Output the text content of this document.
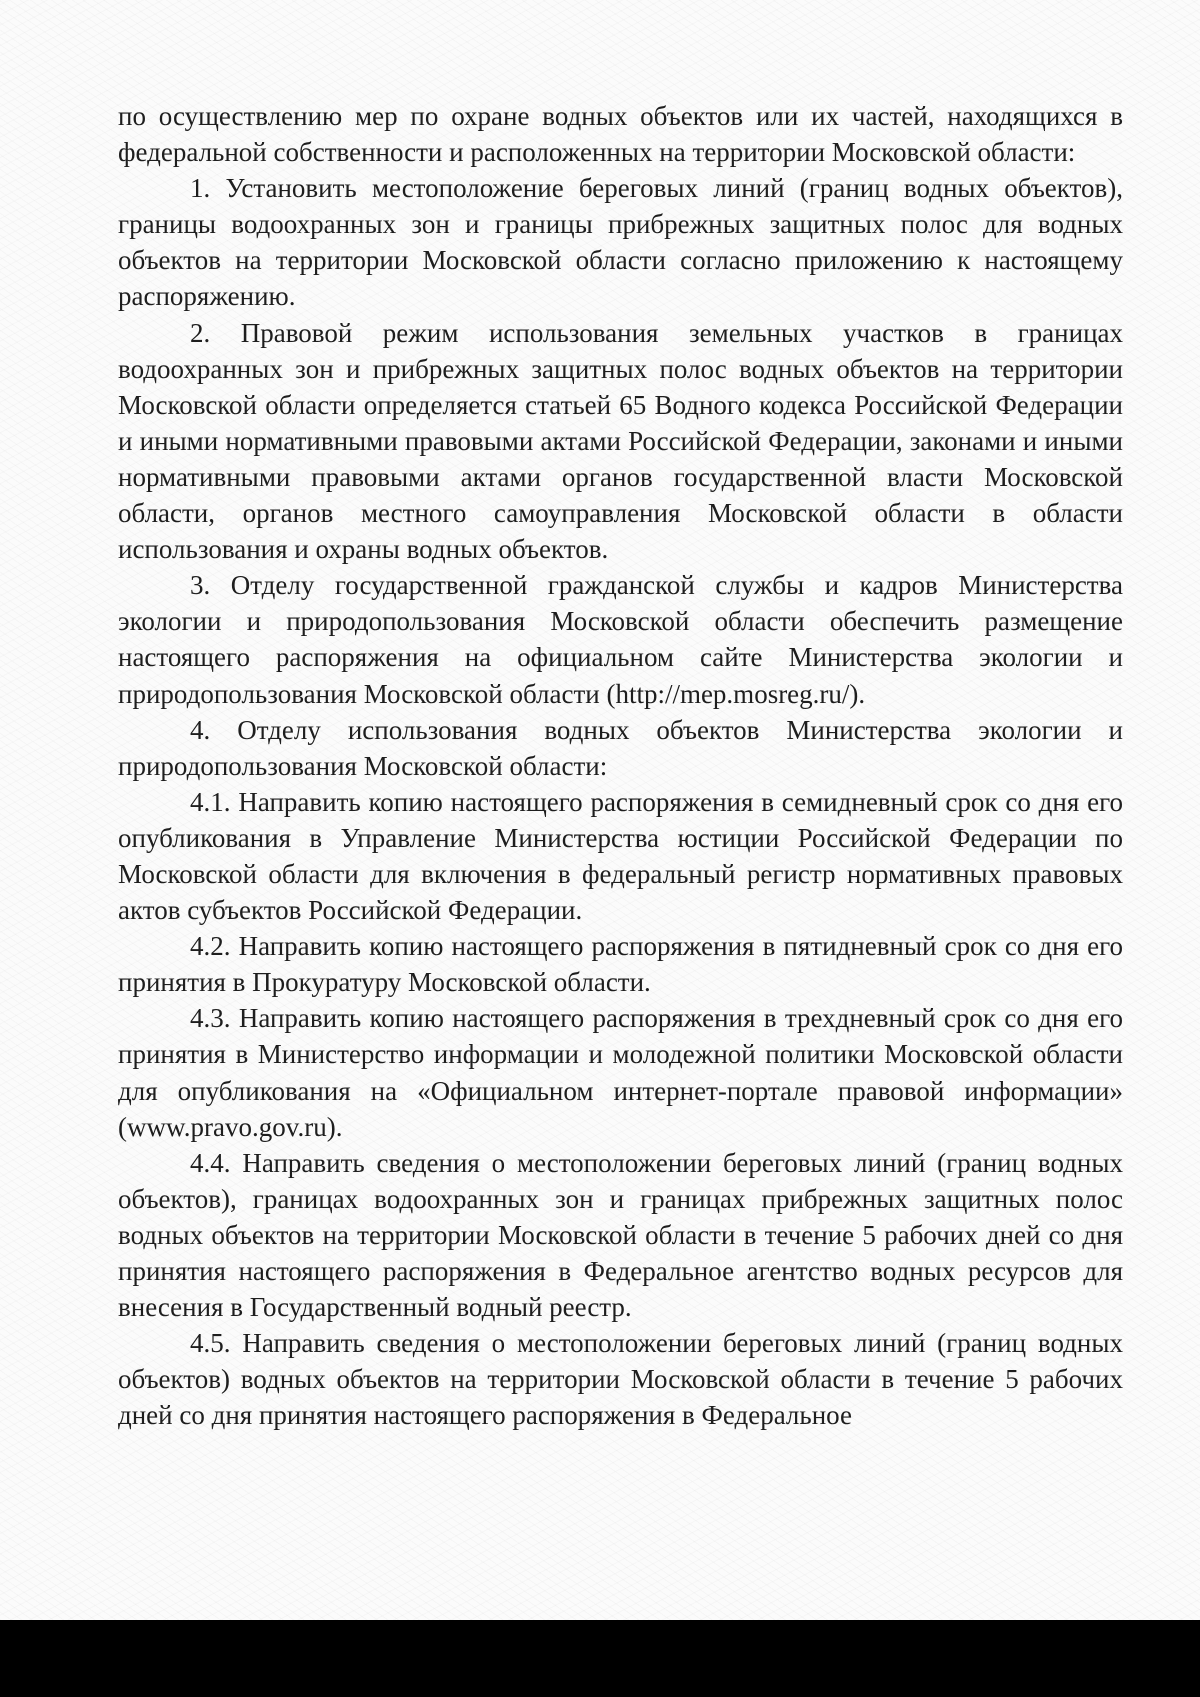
по осуществлению мер по охране водных объектов или их частей, находящихся в федеральной собственности и расположенных на территории Московской области:

1. Установить местоположение береговых линий (границ водных объектов), границы водоохранных зон и границы прибрежных защитных полос для водных объектов на территории Московской области согласно приложению к настоящему распоряжению.

2. Правовой режим использования земельных участков в границах водоохранных зон и прибрежных защитных полос водных объектов на территории Московской области определяется статьей 65 Водного кодекса Российской Федерации и иными нормативными правовыми актами Российской Федерации, законами и иными нормативными правовыми актами органов государственной власти Московской области, органов местного самоуправления Московской области в области использования и охраны водных объектов.

3. Отделу государственной гражданской службы и кадров Министерства экологии и природопользования Московской области обеспечить размещение настоящего распоряжения на официальном сайте Министерства экологии и природопользования Московской области (http://mep.mosreg.ru/).

4. Отделу использования водных объектов Министерства экологии и природопользования Московской области:

4.1. Направить копию настоящего распоряжения в семидневный срок со дня его опубликования в Управление Министерства юстиции Российской Федерации по Московской области для включения в федеральный регистр нормативных правовых актов субъектов Российской Федерации.

4.2. Направить копию настоящего распоряжения в пятидневный срок со дня его принятия в Прокуратуру Московской области.

4.3. Направить копию настоящего распоряжения в трехдневный срок со дня его принятия в Министерство информации и молодежной политики Московской области для опубликования на «Официальном интернет-портале правовой информации» (www.pravo.gov.ru).

4.4. Направить сведения о местоположении береговых линий (границ водных объектов), границах водоохранных зон и границах прибрежных защитных полос водных объектов на территории Московской области в течение 5 рабочих дней со дня принятия настоящего распоряжения в Федеральное агентство водных ресурсов для внесения в Государственный водный реестр.

4.5. Направить сведения о местоположении береговых линий (границ водных объектов) водных объектов на территории Московской области в течение 5 рабочих дней со дня принятия настоящего распоряжения в Федеральное
